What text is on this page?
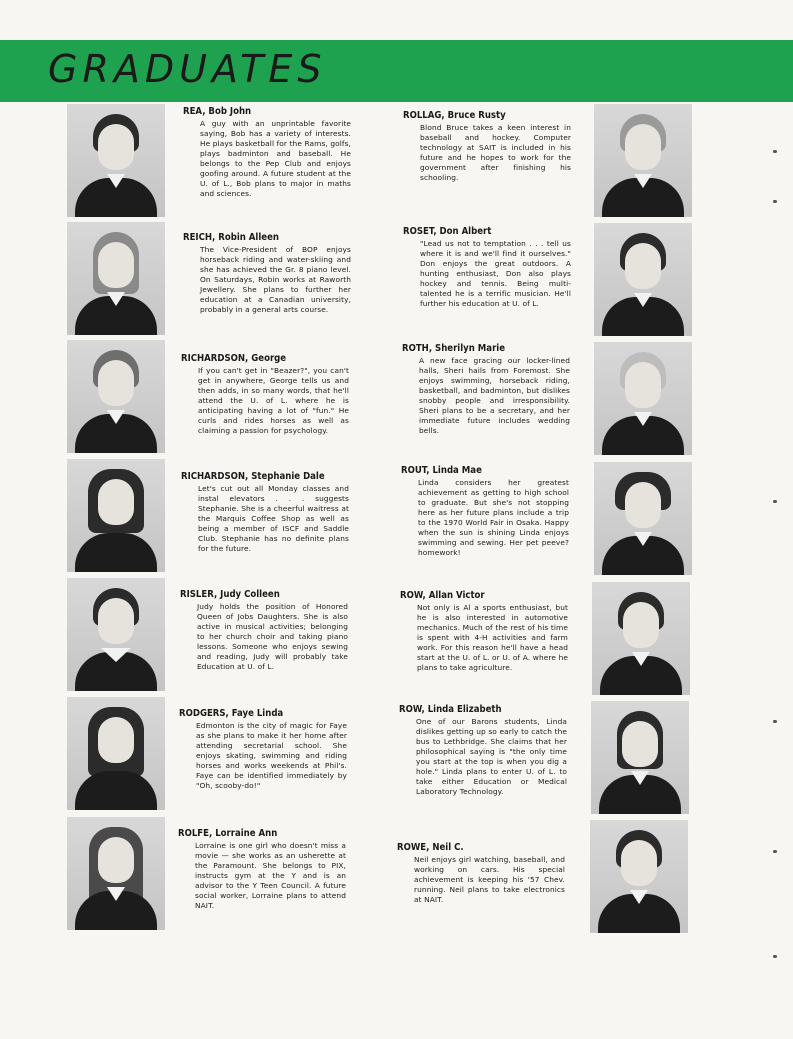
GRADUATES

REA, Bob John

A guy with an unprintable favorite saying, Bob has a variety of interests. He plays basketball for the Rams, golfs, plays badminton and baseball. He belongs to the Pep Club and enjoys goofing around. A future student at the U. of L., Bob plans to major in maths and sciences.

REICH, Robin Alleen

The Vice-President of BOP enjoys horseback riding and water-skiing and she has achieved the Gr. 8 piano level. On Saturdays, Robin works at Raworth Jewellery. She plans to further her education at a Canadian university, probably in a general arts course.

RICHARDSON, George

If you can't get in "Beazer?", you can't get in anywhere, George tells us and then adds, in so many words, that he'll attend the U. of L. where he is anticipating having a lot of "fun." He curls and rides horses as well as claiming a passion for psychology.

RICHARDSON, Stephanie Dale

Let's cut out all Monday classes and instal elevators . . . suggests Stephanie. She is a cheerful waitress at the Marquis Coffee Shop as well as being a member of ISCF and Saddle Club. Stephanie has no definite plans for the future.

RISLER, Judy Colleen

Judy holds the position of Honored Queen of Jobs Daughters. She is also active in musical activities; belonging to her church choir and taking piano lessons. Someone who enjoys sewing and reading, Judy will probably take Education at U. of L.

RODGERS, Faye Linda

Edmonton is the city of magic for Faye as she plans to make it her home after attending secretarial school. She enjoys skating, swimming and riding horses and works weekends at Phil's. Faye can be identified immediately by "Oh, scooby-do!"

ROLFE, Lorraine Ann

Lorraine is one girl who doesn't miss a movie — she works as an usherette at the Paramount. She belongs to PIX, instructs gym at the Y and is an advisor to the Y Teen Council. A future social worker, Lorraine plans to attend NAIT.

ROLLAG, Bruce Rusty

Blond Bruce takes a keen interest in baseball and hockey. Computer technology at SAIT is included in his future and he hopes to work for the government after finishing his schooling.

ROSET, Don Albert

"Lead us not to temptation . . . tell us where it is and we'll find it ourselves." Don enjoys the great outdoors. A hunting enthusiast, Don also plays hockey and tennis. Being multi-talented he is a terrific musician. He'll further his education at U. of L.

ROTH, Sherilyn Marie

A new face gracing our locker-lined halls, Sheri hails from Foremost. She enjoys swimming, horseback riding, basketball, and badminton, but dislikes snobby people and irresponsibility. Sheri plans to be a secretary, and her immediate future includes wedding bells.

ROUT, Linda Mae

Linda considers her greatest achievement as getting to high school to graduate. But she's not stopping here as her future plans include a trip to the 1970 World Fair in Osaka. Happy when the sun is shining Linda enjoys swimming and sewing. Her pet peeve? homework!

ROW, Allan Victor

Not only is Al a sports enthusiast, but he is also interested in automotive mechanics. Much of the rest of his time is spent with 4-H activities and farm work. For this reason he'll have a head start at the U. of L. or U. of A. where he plans to take agriculture.

ROW, Linda Elizabeth

One of our Barons students, Linda dislikes getting up so early to catch the bus to Lethbridge. She claims that her philosophical saying is "the only time you start at the top is when you dig a hole." Linda plans to enter U. of L. to take either Education or Medical Laboratory Technology.

ROWE, Neil C.

Neil enjoys girl watching, baseball, and working on cars. His special achievement is keeping his '57 Chev. running. Neil plans to take electronics at NAIT.
